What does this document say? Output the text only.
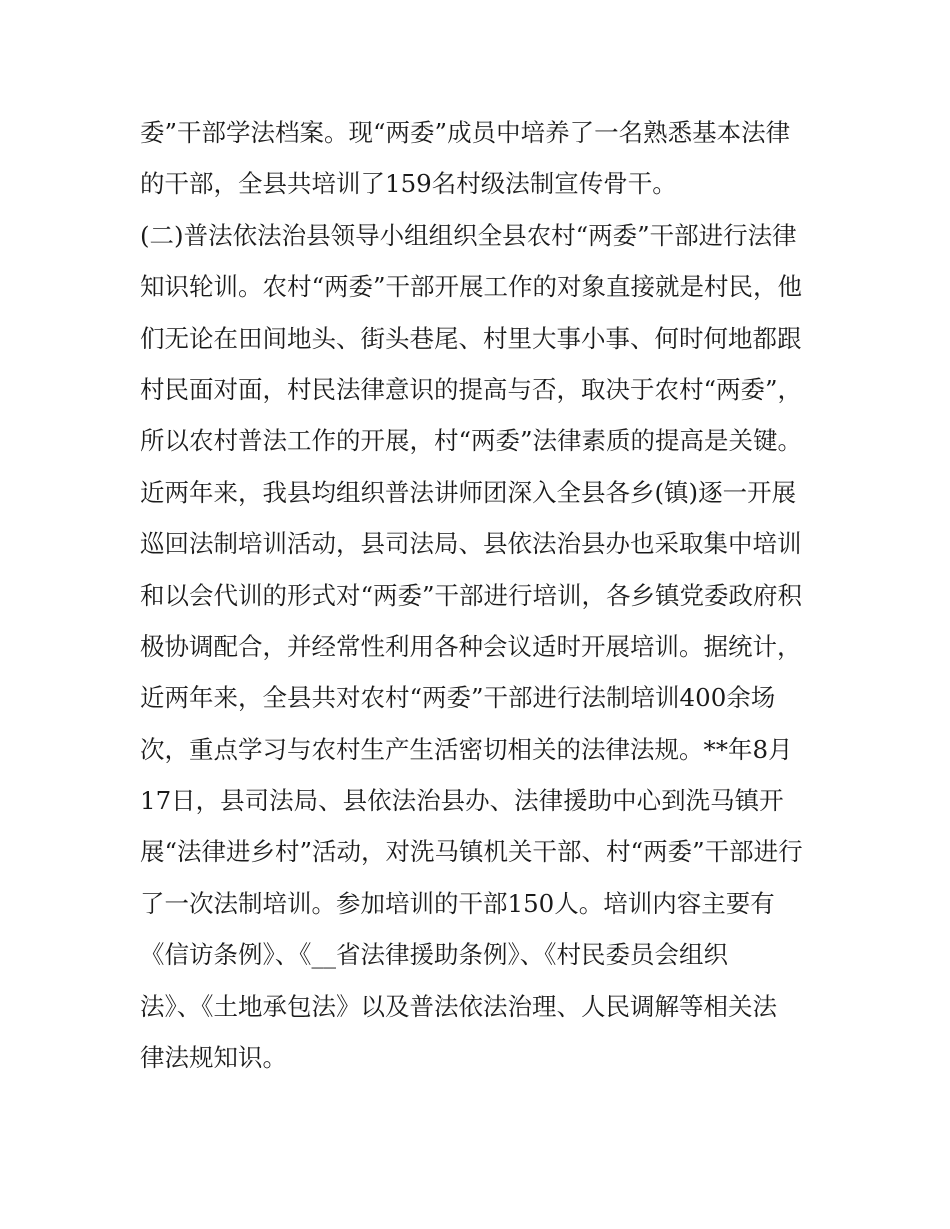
委”干部学法档案。现“两委”成员中培养了一名熟悉基本法律

的干部，全县共培训了159名村级法制宣传骨干。

(二)普法依法治县领导小组组织全县农村“两委”干部进行法律

知识轮训。农村“两委”干部开展工作的对象直接就是村民，他

们无论在田间地头、街头巷尾、村里大事小事、何时何地都跟

村民面对面，村民法律意识的提高与否，取决于农村“两委”，

所以农村普法工作的开展，村“两委”法律素质的提高是关键。

近两年来，我县均组织普法讲师团深入全县各乡(镇)逐一开展

巡回法制培训活动，县司法局、县依法治县办也采取集中培训

和以会代训的形式对“两委”干部进行培训，各乡镇党委政府积

极协调配合，并经常性利用各种会议适时开展培训。据统计，

近两年来，全县共对农村“两委”干部进行法制培训400余场

次，重点学习与农村生产生活密切相关的法律法规。**年8月

17日，县司法局、县依法治县办、法律援助中心到洗马镇开

展“法律进乡村”活动，对洗马镇机关干部、村“两委”干部进行

了一次法制培训。参加培训的干部150人。培训内容主要有

《信访条例》、《__省法律援助条例》、《村民委员会组织

法》、《土地承包法》以及普法依法治理、人民调解等相关法

律法规知识。
